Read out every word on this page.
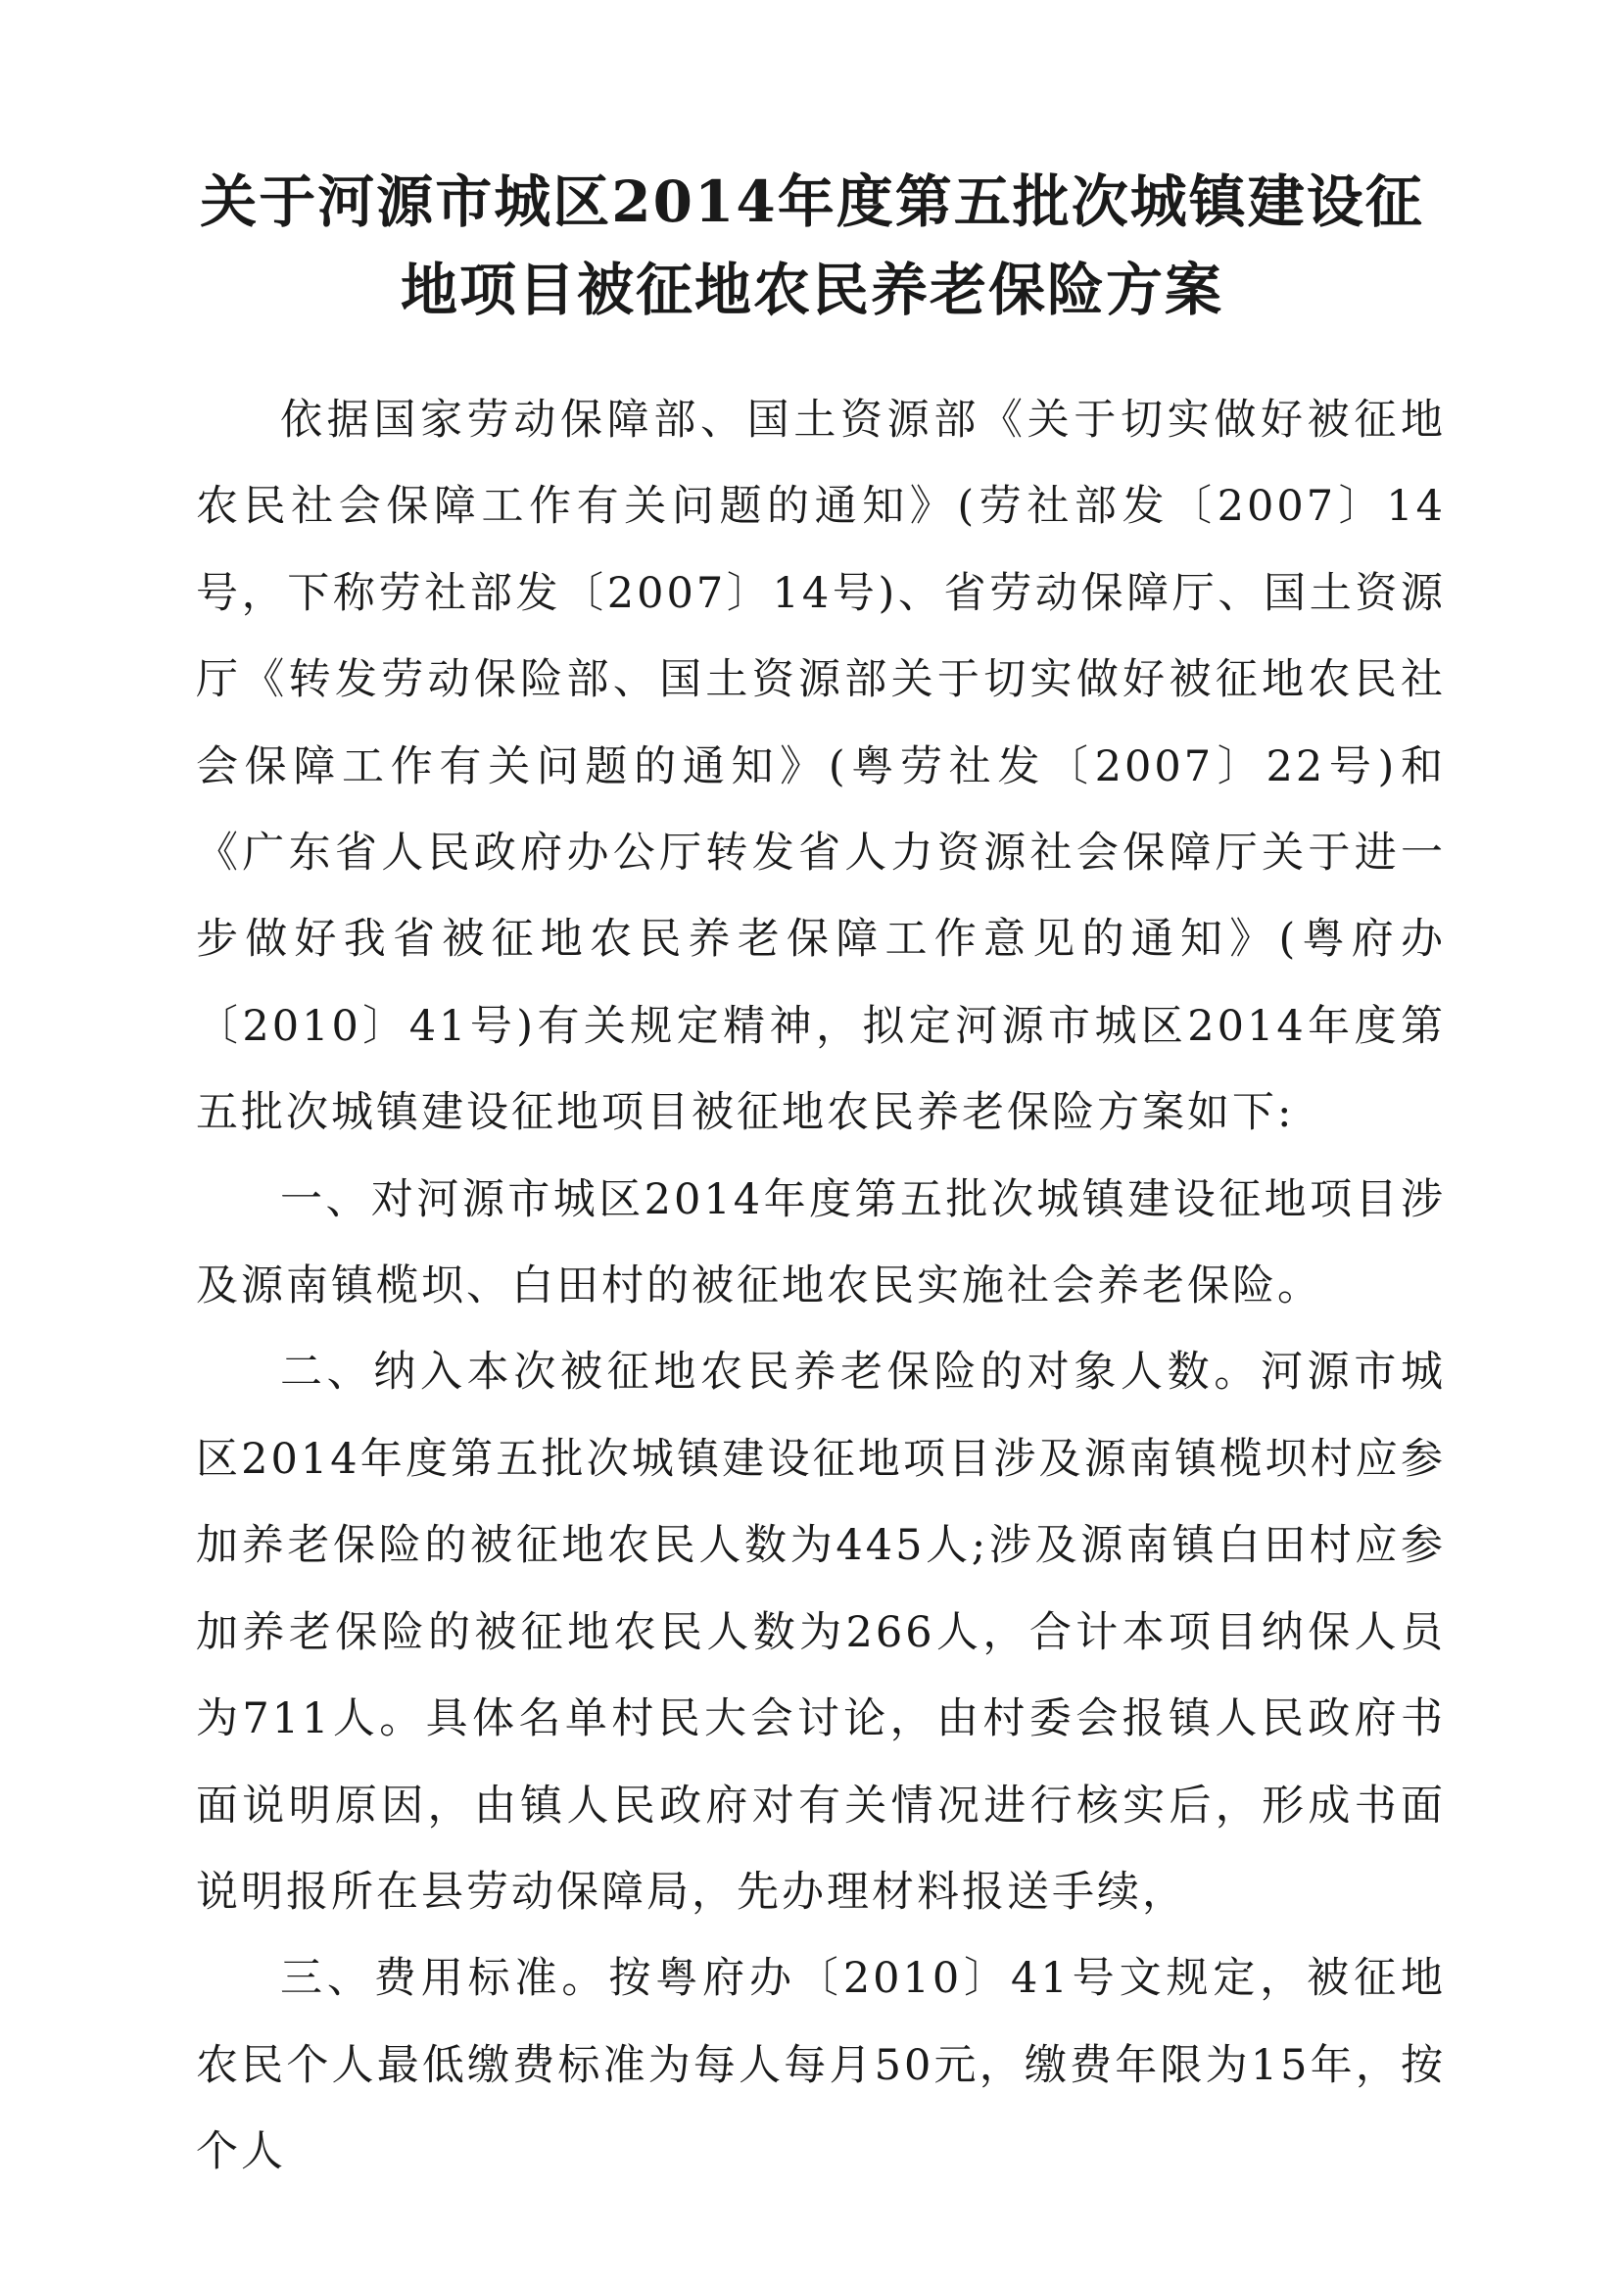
关于河源市城区2014年度第五批次城镇建设征
地项目被征地农民养老保险方案

依据国家劳动保障部、国土资源部《关于切实做好被征地农民社会保障工作有关问题的通知》(劳社部发〔2007〕14号，下称劳社部发〔2007〕14号)、省劳动保障厅、国土资源厅《转发劳动保险部、国土资源部关于切实做好被征地农民社会保障工作有关问题的通知》(粤劳社发〔2007〕22号)和《广东省人民政府办公厅转发省人力资源社会保障厅关于进一步做好我省被征地农民养老保障工作意见的通知》(粤府办〔2010〕41号)有关规定精神，拟定河源市城区2014年度第五批次城镇建设征地项目被征地农民养老保险方案如下:

一、对河源市城区2014年度第五批次城镇建设征地项目涉及源南镇榄坝、白田村的被征地农民实施社会养老保险。

二、纳入本次被征地农民养老保险的对象人数。河源市城区2014年度第五批次城镇建设征地项目涉及源南镇榄坝村应参加养老保险的被征地农民人数为445人;涉及源南镇白田村应参加养老保险的被征地农民人数为266人，合计本项目纳保人员为711人。具体名单村民大会讨论，由村委会报镇人民政府书面说明原因，由镇人民政府对有关情况进行核实后，形成书面说明报所在县劳动保障局，先办理材料报送手续，

三、费用标准。按粤府办〔2010〕41号文规定，被征地农民个人最低缴费标准为每人每月50元，缴费年限为15年，按个人
